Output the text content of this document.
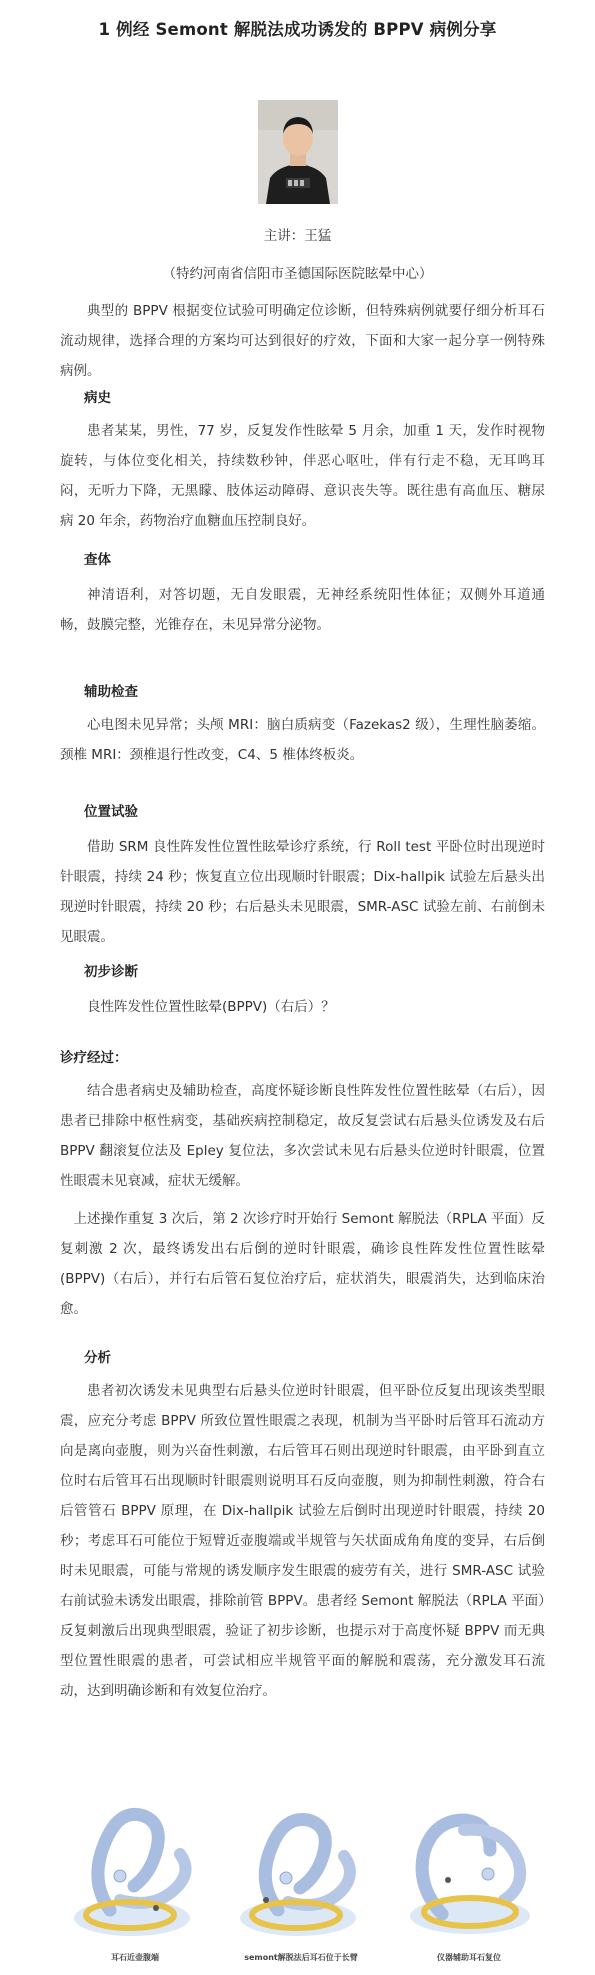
1 例经 Semont 解脱法成功诱发的 BPPV 病例分享
主讲：王猛
（特约河南省信阳市圣德国际医院眩晕中心）

典型的 BPPV 根据变位试验可明确定位诊断，但特殊病例就要仔细分析耳石流动规律，选择合理的方案均可达到很好的疗效，下面和大家一起分享一例特殊病例。

病史

患者某某，男性，77 岁，反复发作性眩晕 5 月余，加重 1 天，发作时视物旋转，与体位变化相关，持续数秒钟，伴恶心呕吐，伴有行走不稳，无耳鸣耳闷，无听力下降，无黑矇、肢体运动障碍、意识丧失等。既往患有高血压、糖尿病 20 年余，药物治疗血糖血压控制良好。

查体

神清语利，对答切题，无自发眼震，无神经系统阳性体征；双侧外耳道通畅，鼓膜完整，光锥存在，未见异常分泌物。

辅助检查

心电图未见异常；头颅 MRI：脑白质病变（Fazekas2 级），生理性脑萎缩。颈椎 MRI：颈椎退行性改变，C4、5 椎体终板炎。

位置试验

借助 SRM 良性阵发性位置性眩晕诊疗系统，行 Roll test 平卧位时出现逆时针眼震，持续 24 秒；恢复直立位出现顺时针眼震；Dix-hallpik 试验左后悬头出现逆时针眼震，持续 20 秒；右后悬头未见眼震，SMR-ASC 试验左前、右前倒未见眼震。

初步诊断

良性阵发性位置性眩晕(BPPV)（右后）？

诊疗经过：

结合患者病史及辅助检查，高度怀疑诊断良性阵发性位置性眩晕（右后），因患者已排除中枢性病变，基础疾病控制稳定，故反复尝试右后悬头位诱发及右后 BPPV 翻滚复位法及 Epley 复位法，多次尝试未见右后悬头位逆时针眼震，位置性眼震未见衰减，症状无缓解。

上述操作重复 3 次后，第 2 次诊疗时开始行 Semont 解脱法（RPLA 平面）反复刺激 2 次，最终诱发出右后倒的逆时针眼震，确诊良性阵发性位置性眩晕(BPPV)（右后），并行右后管石复位治疗后，症状消失，眼震消失，达到临床治愈。

分析

患者初次诱发未见典型右后悬头位逆时针眼震，但平卧位反复出现该类型眼震，应充分考虑 BPPV 所致位置性眼震之表现，机制为当平卧时后管耳石流动方向是离向壶腹，则为兴奋性刺激，右后管耳石则出现逆时针眼震，由平卧到直立位时右后管耳石出现顺时针眼震则说明耳石反向壶腹，则为抑制性刺激，符合右后管管石 BPPV 原理，在 Dix-hallpik 试验左后倒时出现逆时针眼震，持续 20 秒；考虑耳石可能位于短臂近壶腹端或半规管与矢状面成角角度的变异，右后倒时未见眼震，可能与常规的诱发顺序发生眼震的疲劳有关，进行 SMR-ASC 试验右前试验未诱发出眼震，排除前管 BPPV。患者经 Semont 解脱法（RPLA 平面）反复刺激后出现典型眼震，验证了初步诊断，也提示对于高度怀疑 BPPV 而无典型位置性眼震的患者，可尝试相应半规管平面的解脱和震荡，充分激发耳石流动，达到明确诊断和有效复位治疗。

耳石近壶腹端	semont解脱法后耳石位于长臂	仪器辅助耳石复位
